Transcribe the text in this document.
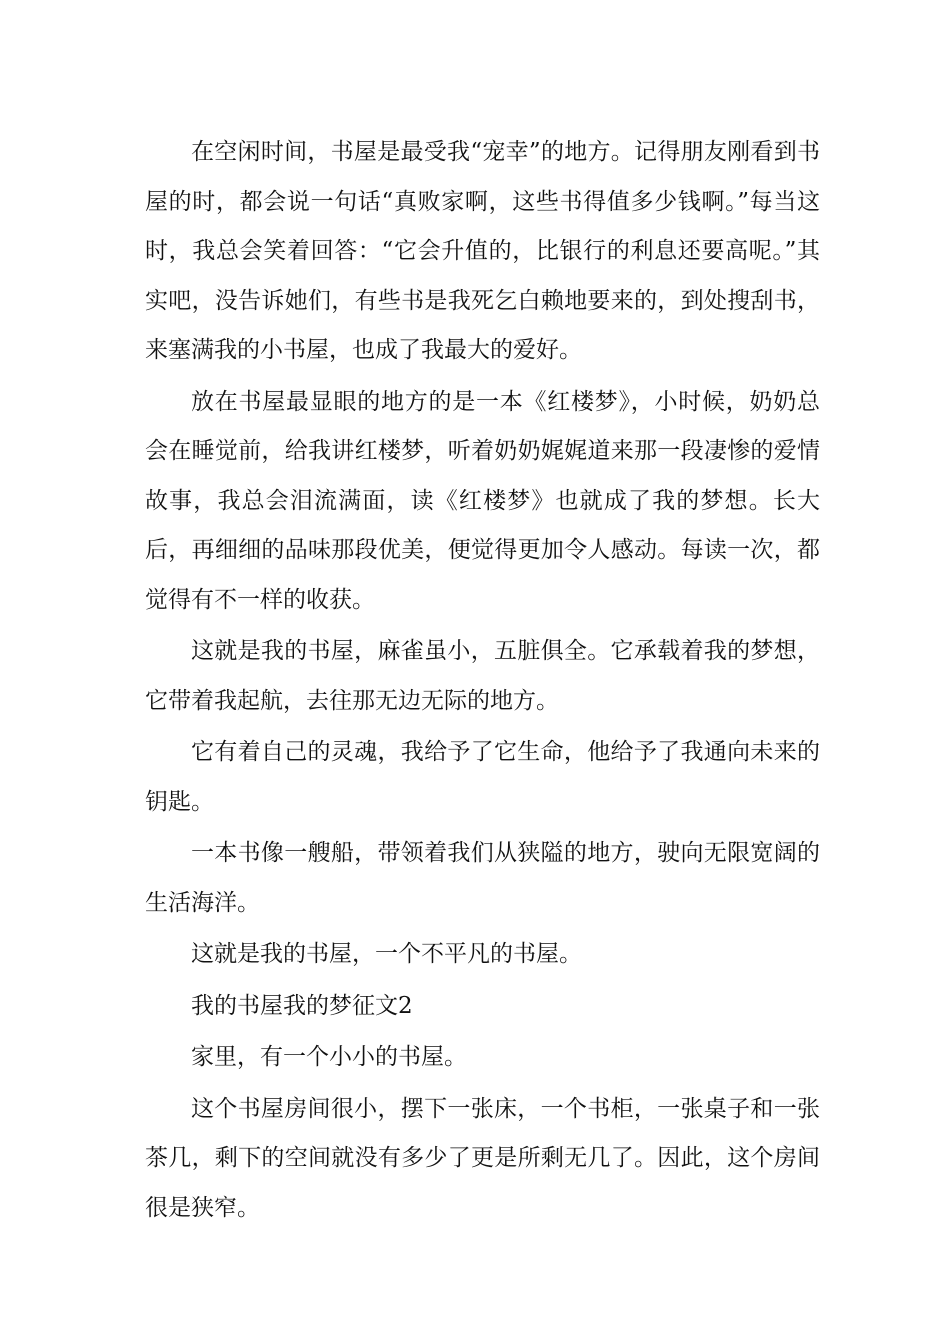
在空闲时间，书屋是最受我“宠幸”的地方。记得朋友刚看到书屋的时，都会说一句话“真败家啊，这些书得值多少钱啊。”每当这时，我总会笑着回答：“它会升值的，比银行的利息还要高呢。”其实吧，没告诉她们，有些书是我死乞白赖地要来的，到处搜刮书，来塞满我的小书屋，也成了我最大的爱好。

放在书屋最显眼的地方的是一本《红楼梦》，小时候，奶奶总会在睡觉前，给我讲红楼梦，听着奶奶娓娓道来那一段凄惨的爱情故事，我总会泪流满面，读《红楼梦》也就成了我的梦想。长大后，再细细的品味那段优美，便觉得更加令人感动。每读一次，都觉得有不一样的收获。

这就是我的书屋，麻雀虽小，五脏俱全。它承载着我的梦想，它带着我起航，去往那无边无际的地方。

它有着自己的灵魂，我给予了它生命，他给予了我通向未来的钥匙。

一本书像一艘船，带领着我们从狭隘的地方，驶向无限宽阔的生活海洋。

这就是我的书屋，一个不平凡的书屋。

我的书屋我的梦征文2

家里，有一个小小的书屋。

这个书屋房间很小，摆下一张床，一个书柜，一张桌子和一张茶几，剩下的空间就没有多少了更是所剩无几了。因此，这个房间很是狭窄。
